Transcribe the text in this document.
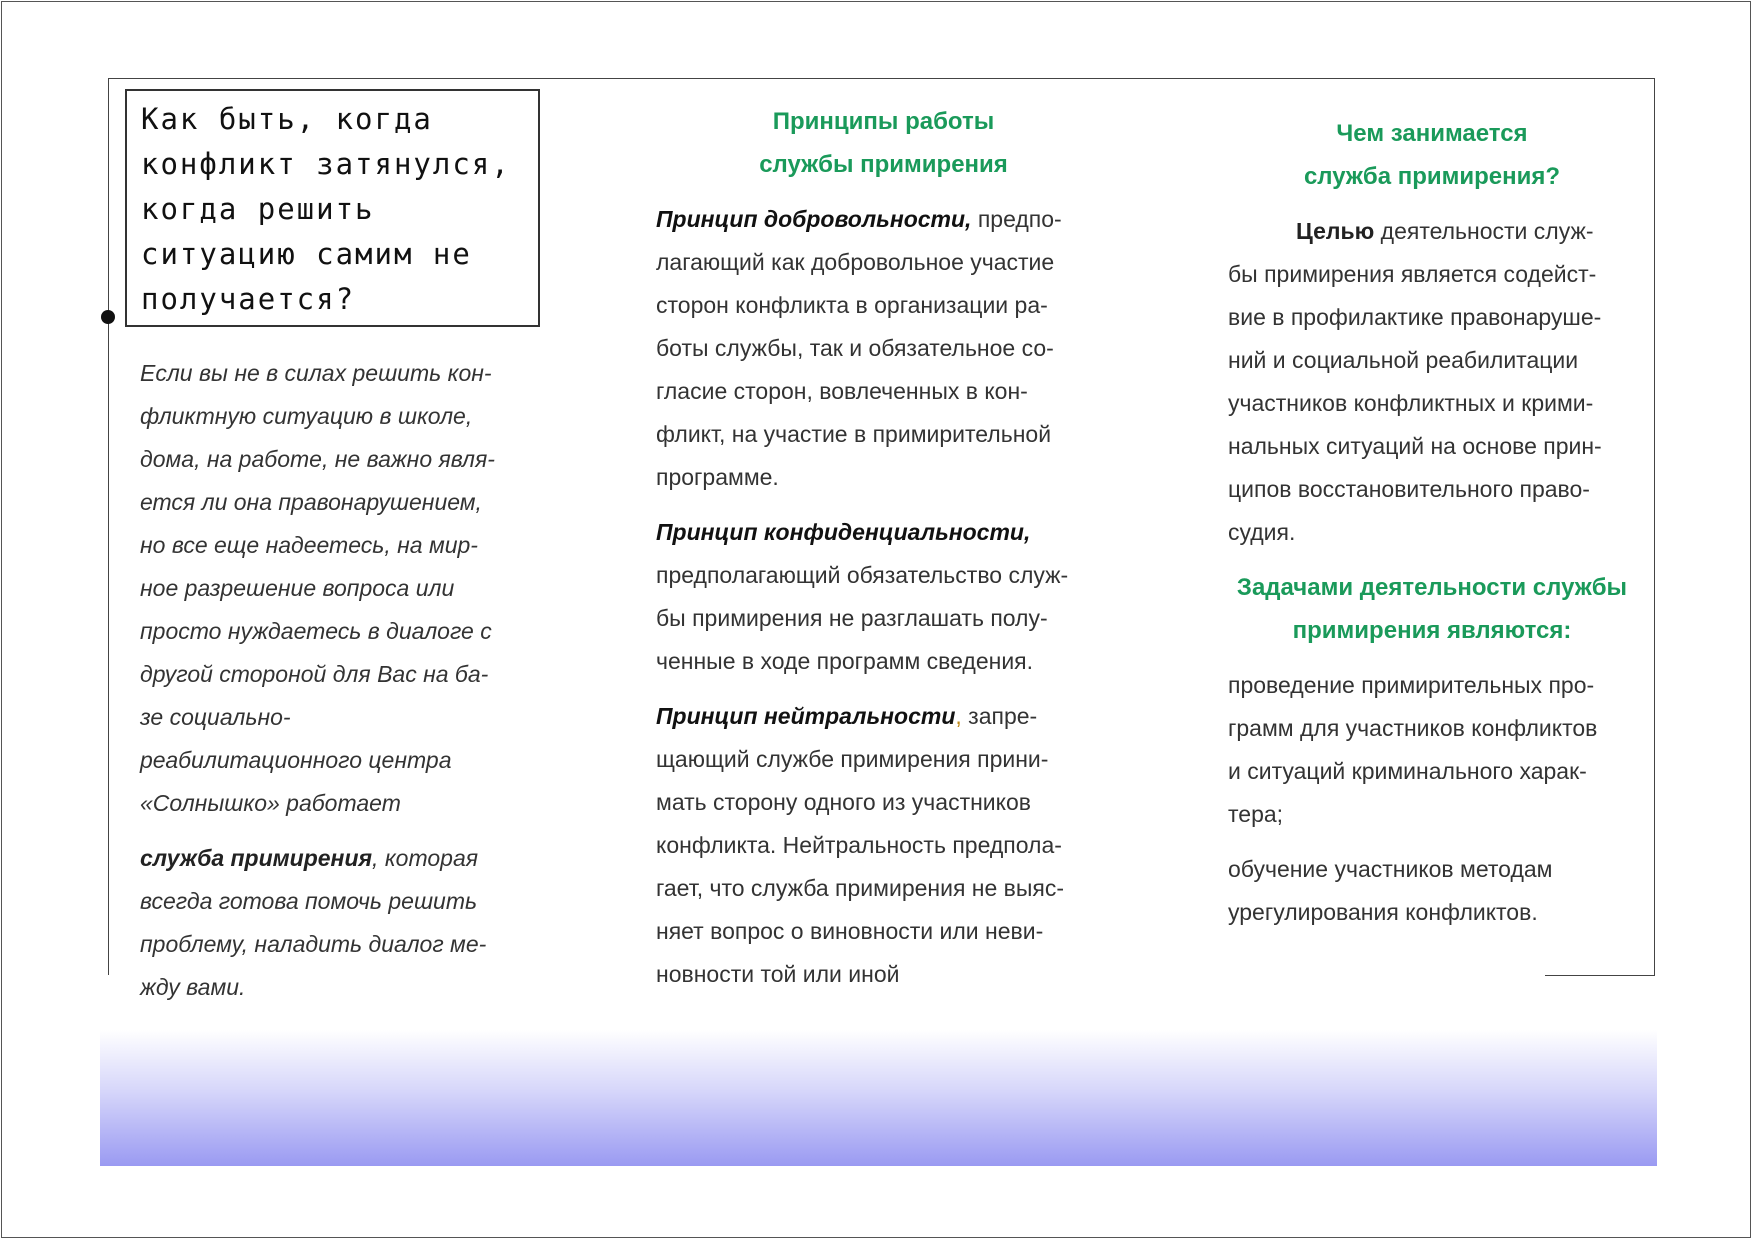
Как быть, когда
конфликт затянулся,
когда решить
ситуацию самим не
получается?

Если вы не в силах решить кон-
фликтную ситуацию в школе,
дома, на работе, не важно явля-
ется ли она правонарушением,
но все еще надеетесь, на мир-
ное разрешение вопроса или
просто нуждаетесь в диалоге с
другой стороной для Вас на ба-
зе социально-
реабилитационного центра
«Солнышко» работает

служба примирения, которая
всегда готова помочь решить
проблему, наладить диалог ме-
жду вами.

Принципы работы
службы примирения

Принцип добровольности, предпо-
лагающий как добровольное участие
сторон конфликта в организации ра-
боты службы, так и обязательное со-
гласие сторон, вовлеченных в кон-
фликт, на участие в примирительной
программе.

Принцип конфиденциальности,
предполагающий обязательство служ-
бы примирения не разглашать полу-
ченные в ходе программ сведения.

Принцип нейтральности, запре-
щающий службе примирения прини-
мать сторону одного из участников
конфликта. Нейтральность предпола-
гает, что служба примирения не выяс-
няет вопрос о виновности или неви-
новности той или иной

Чем занимается
служба примирения?

Целью деятельности служ-
бы примирения является содейст-
вие в профилактике правонаруше-
ний и социальной реабилитации
участников конфликтных и крими-
нальных ситуаций на основе прин-
ципов восстановительного право-
судия.

Задачами деятельности службы
примирения являются:

проведение примирительных про-
грамм для участников конфликтов
и ситуаций криминального харак-
тера;

обучение участников методам
урегулирования конфликтов.
